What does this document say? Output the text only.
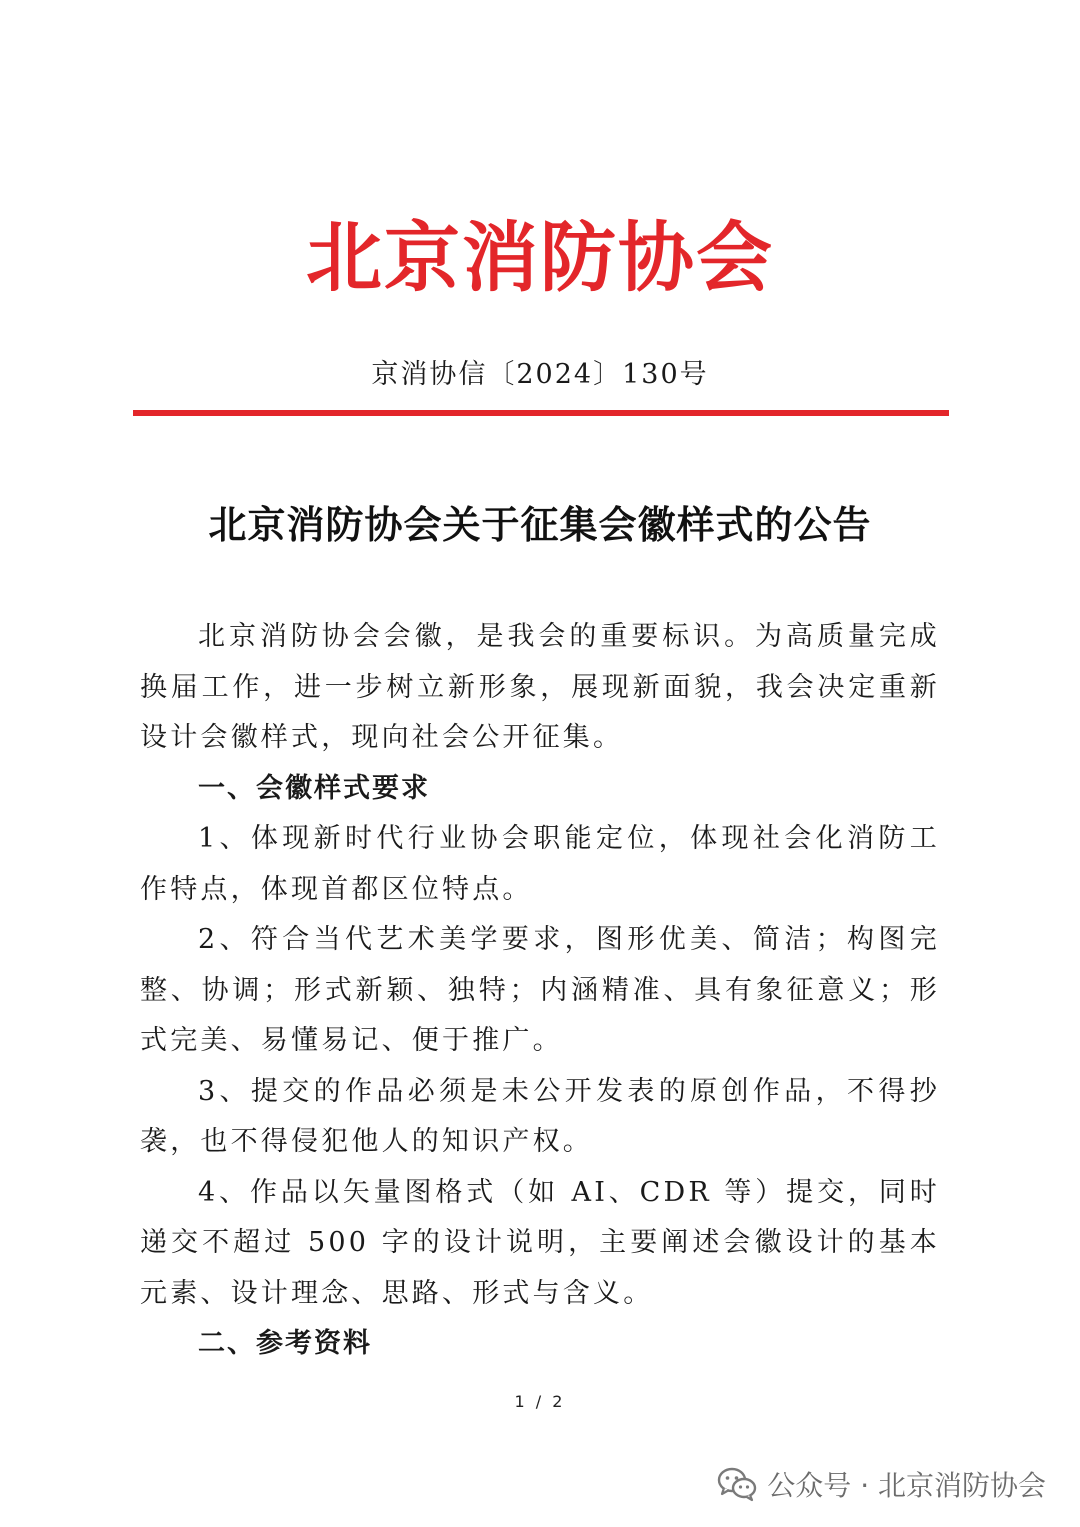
北京消防协会
京消协信〔2024〕130号
北京消防协会关于征集会徽样式的公告

北京消防协会会徽，是我会的重要标识。为高质量完成换届工作，进一步树立新形象，展现新面貌，我会决定重新设计会徽样式，现向社会公开征集。

一、会徽样式要求

1、体现新时代行业协会职能定位，体现社会化消防工作特点，体现首都区位特点。

2、符合当代艺术美学要求，图形优美、简洁；构图完整、协调；形式新颖、独特；内涵精准、具有象征意义；形式完美、易懂易记、便于推广。

3、提交的作品必须是未公开发表的原创作品，不得抄袭，也不得侵犯他人的知识产权。

4、作品以矢量图格式（如 AI、CDR 等）提交，同时递交不超过 500 字的设计说明，主要阐述会徽设计的基本元素、设计理念、思路、形式与含义。

二、参考资料

1 / 2
公众号 · 北京消防协会
